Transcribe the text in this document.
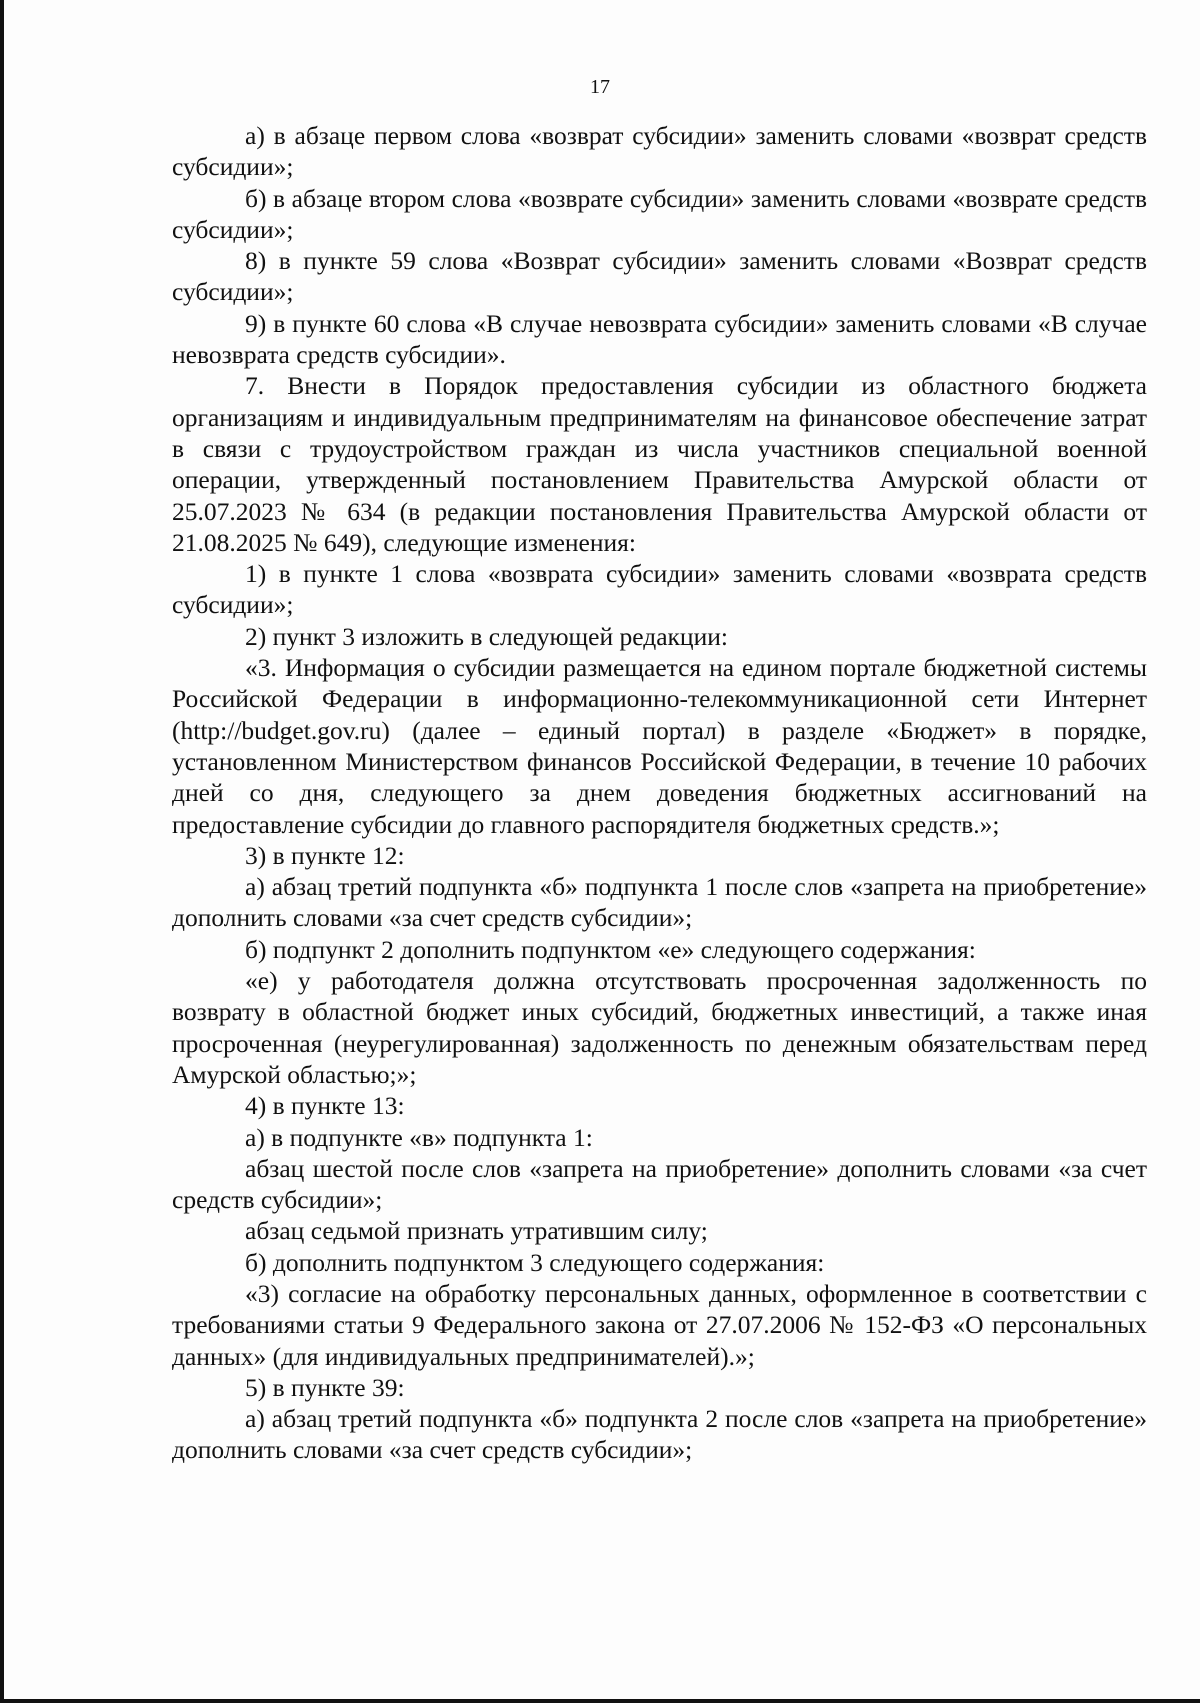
17

а) в абзаце первом слова «возврат субсидии» заменить словами «возврат средств субсидии»;

б) в абзаце втором слова «возврате субсидии» заменить словами «возврате средств субсидии»;

8) в пункте 59 слова «Возврат субсидии» заменить словами «Возврат средств субсидии»;

9) в пункте 60 слова «В случае невозврата субсидии» заменить словами «В случае невозврата средств субсидии».

7. Внести в Порядок предоставления субсидии из областного бюджета организациям и индивидуальным предпринимателям на финансовое обеспечение затрат в связи с трудоустройством граждан из числа участников специальной военной операции, утвержденный постановлением Правительства Амурской области от 25.07.2023 № 634 (в редакции постановления Правительства Амурской области от 21.08.2025 № 649), следующие изменения:

1) в пункте 1 слова «возврата субсидии» заменить словами «возврата средств субсидии»;

2) пункт 3 изложить в следующей редакции:

«3. Информация о субсидии размещается на едином портале бюджетной системы Российской Федерации в информационно-телекоммуникационной сети Интернет (http://budget.gov.ru) (далее – единый портал) в разделе «Бюджет» в порядке, установленном Министерством финансов Российской Федерации, в течение 10 рабочих дней со дня, следующего за днем доведения бюджетных ассигнований на предоставление субсидии до главного распорядителя бюджетных средств.»;

3) в пункте 12:

а) абзац третий подпункта «б» подпункта 1 после слов «запрета на приобретение» дополнить словами «за счет средств субсидии»;

б) подпункт 2 дополнить подпунктом «е» следующего содержания:

«е) у работодателя должна отсутствовать просроченная задолженность по возврату в областной бюджет иных субсидий, бюджетных инвестиций, а также иная просроченная (неурегулированная) задолженность по денежным обязательствам перед Амурской областью;»;

4) в пункте 13:

а) в подпункте «в» подпункта 1:

абзац шестой после слов «запрета на приобретение» дополнить словами «за счет средств субсидии»;

абзац седьмой признать утратившим силу;

б) дополнить подпунктом 3 следующего содержания:

«3) согласие на обработку персональных данных, оформленное в соответствии с требованиями статьи 9 Федерального закона от 27.07.2006 № 152-ФЗ «О персональных данных» (для индивидуальных предпринимателей).»;

5) в пункте 39:

а) абзац третий подпункта «б» подпункта 2 после слов «запрета на приобретение» дополнить словами «за счет средств субсидии»;
